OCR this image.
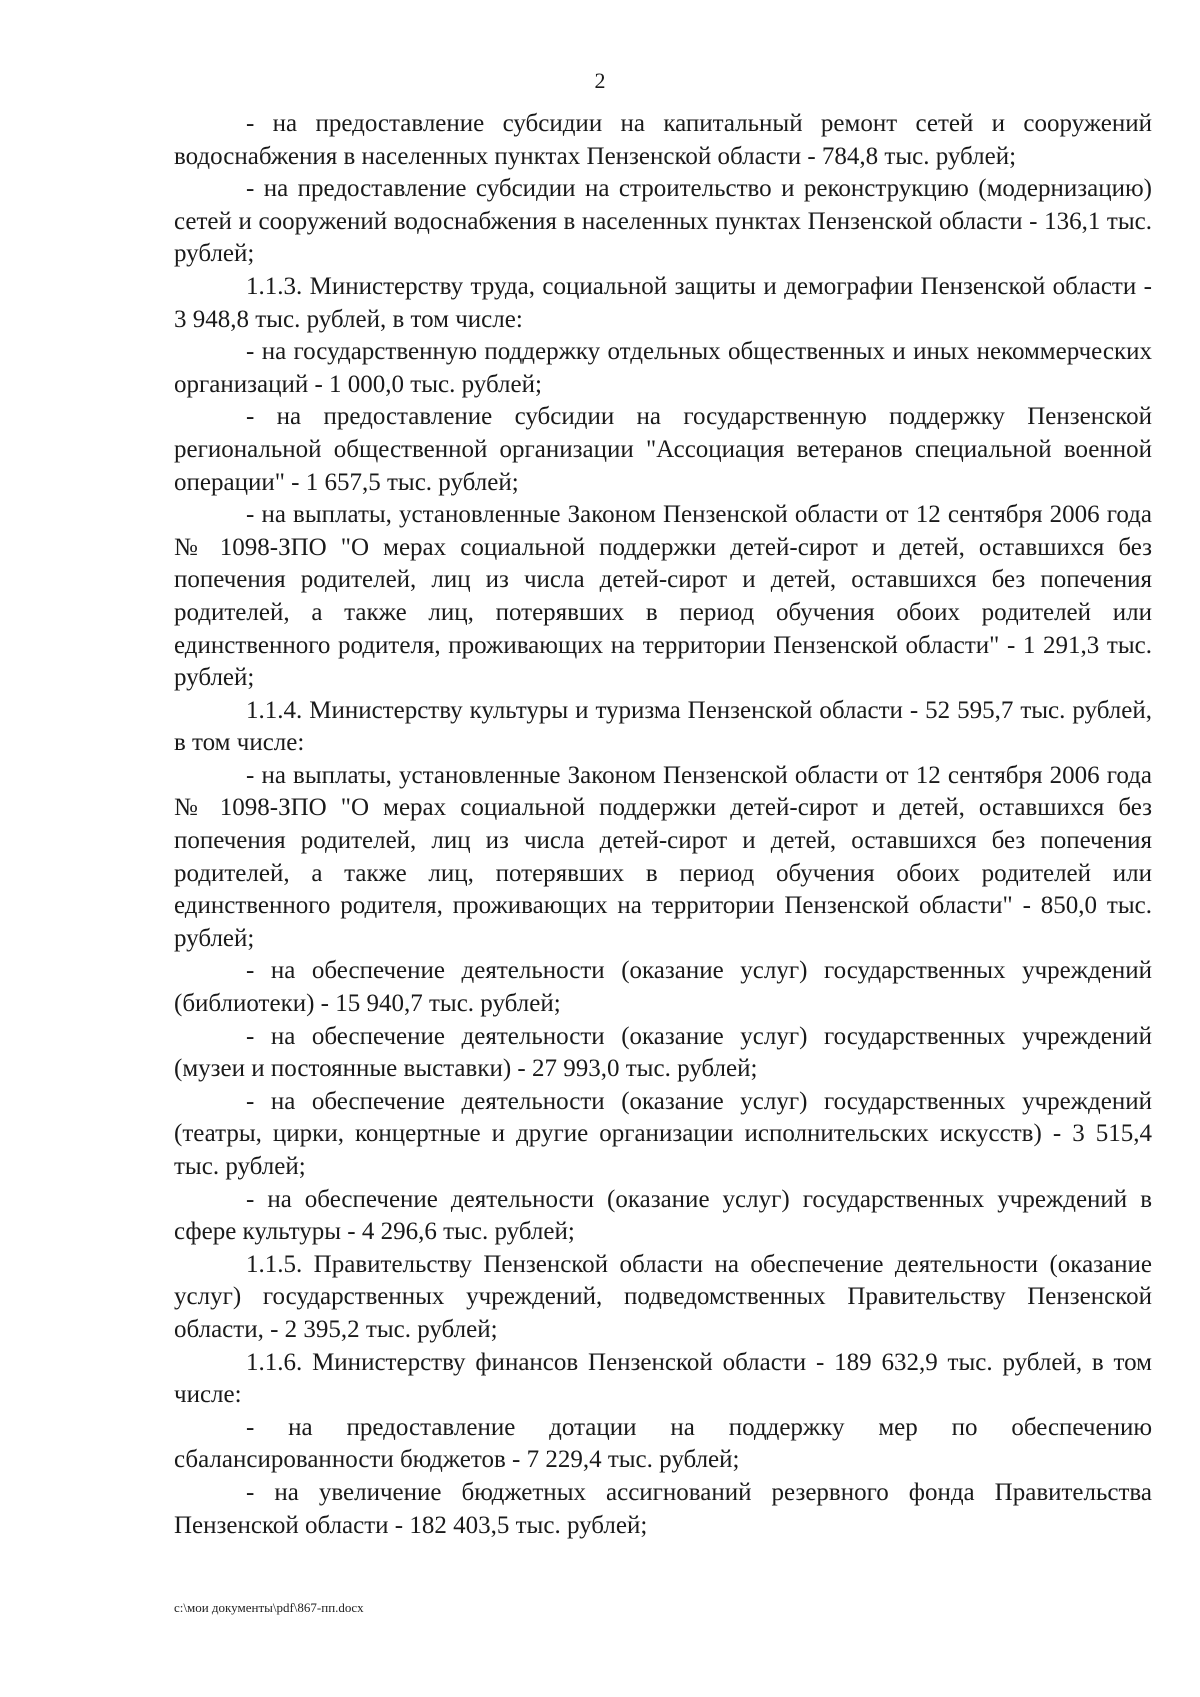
2

- на предоставление субсидии на капитальный ремонт сетей и сооружений водоснабжения в населенных пунктах Пензенской области - 784,8 тыс. рублей;

- на предоставление субсидии на строительство и реконструкцию (модернизацию) сетей и сооружений водоснабжения в населенных пунктах Пензенской области - 136,1 тыс. рублей;

1.1.3. Министерству труда, социальной защиты и демографии Пензенской области - 3 948,8 тыс. рублей, в том числе:

- на государственную поддержку отдельных общественных и иных некоммерческих организаций - 1 000,0 тыс. рублей;

- на предоставление субсидии на государственную поддержку Пензенской региональной общественной организации "Ассоциация ветеранов специальной военной операции" - 1 657,5 тыс. рублей;

- на выплаты, установленные Законом Пензенской области от 12 сентября 2006 года № 1098-ЗПО "О мерах социальной поддержки детей-сирот и детей, оставшихся без попечения родителей, лиц из числа детей-сирот и детей, оставшихся без попечения родителей, а также лиц, потерявших в период обучения обоих родителей или единственного родителя, проживающих на территории Пензенской области" - 1 291,3 тыс. рублей;

1.1.4. Министерству культуры и туризма Пензенской области - 52 595,7 тыс. рублей, в том числе:

- на выплаты, установленные Законом Пензенской области от 12 сентября 2006 года № 1098-ЗПО "О мерах социальной поддержки детей-сирот и детей, оставшихся без попечения родителей, лиц из числа детей-сирот и детей, оставшихся без попечения родителей, а также лиц, потерявших в период обучения обоих родителей или единственного родителя, проживающих на территории Пензенской области" - 850,0 тыс. рублей;

- на обеспечение деятельности (оказание услуг) государственных учреждений (библиотеки) - 15 940,7 тыс. рублей;

- на обеспечение деятельности (оказание услуг) государственных учреждений (музеи и постоянные выставки) - 27 993,0 тыс. рублей;

- на обеспечение деятельности (оказание услуг) государственных учреждений (театры, цирки, концертные и другие организации исполнительских искусств) - 3 515,4 тыс. рублей;

- на обеспечение деятельности (оказание услуг) государственных учреждений в сфере культуры - 4 296,6 тыс. рублей;

1.1.5. Правительству Пензенской области на обеспечение деятельности (оказание услуг) государственных учреждений, подведомственных Правительству Пензенской области, - 2 395,2 тыс. рублей;

1.1.6. Министерству финансов Пензенской области - 189 632,9 тыс. рублей, в том числе:

- на предоставление дотации на поддержку мер по обеспечению сбалансированности бюджетов - 7 229,4 тыс. рублей;

- на увеличение бюджетных ассигнований резервного фонда Правительства Пензенской области - 182 403,5 тыс. рублей;

c:\мои документы\pdf\867-пп.docx
